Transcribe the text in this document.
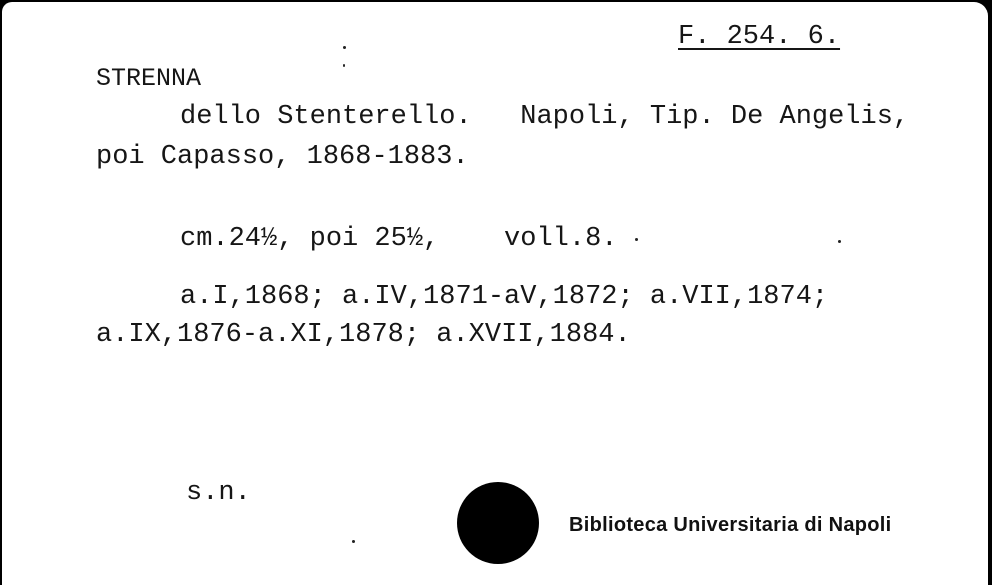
F. 254. 6.
STRENNA
dello Stenterello.   Napoli, Tip. De Angelis,
poi Capasso, 1868-1883.
cm.24½, poi 25½,    voll.8.
a.I,1868; a.IV,1871-aV,1872; a.VII,1874;
a.IX,1876-a.XI,1878; a.XVII,1884.
s.n.
Biblioteca Universitaria di Napoli
